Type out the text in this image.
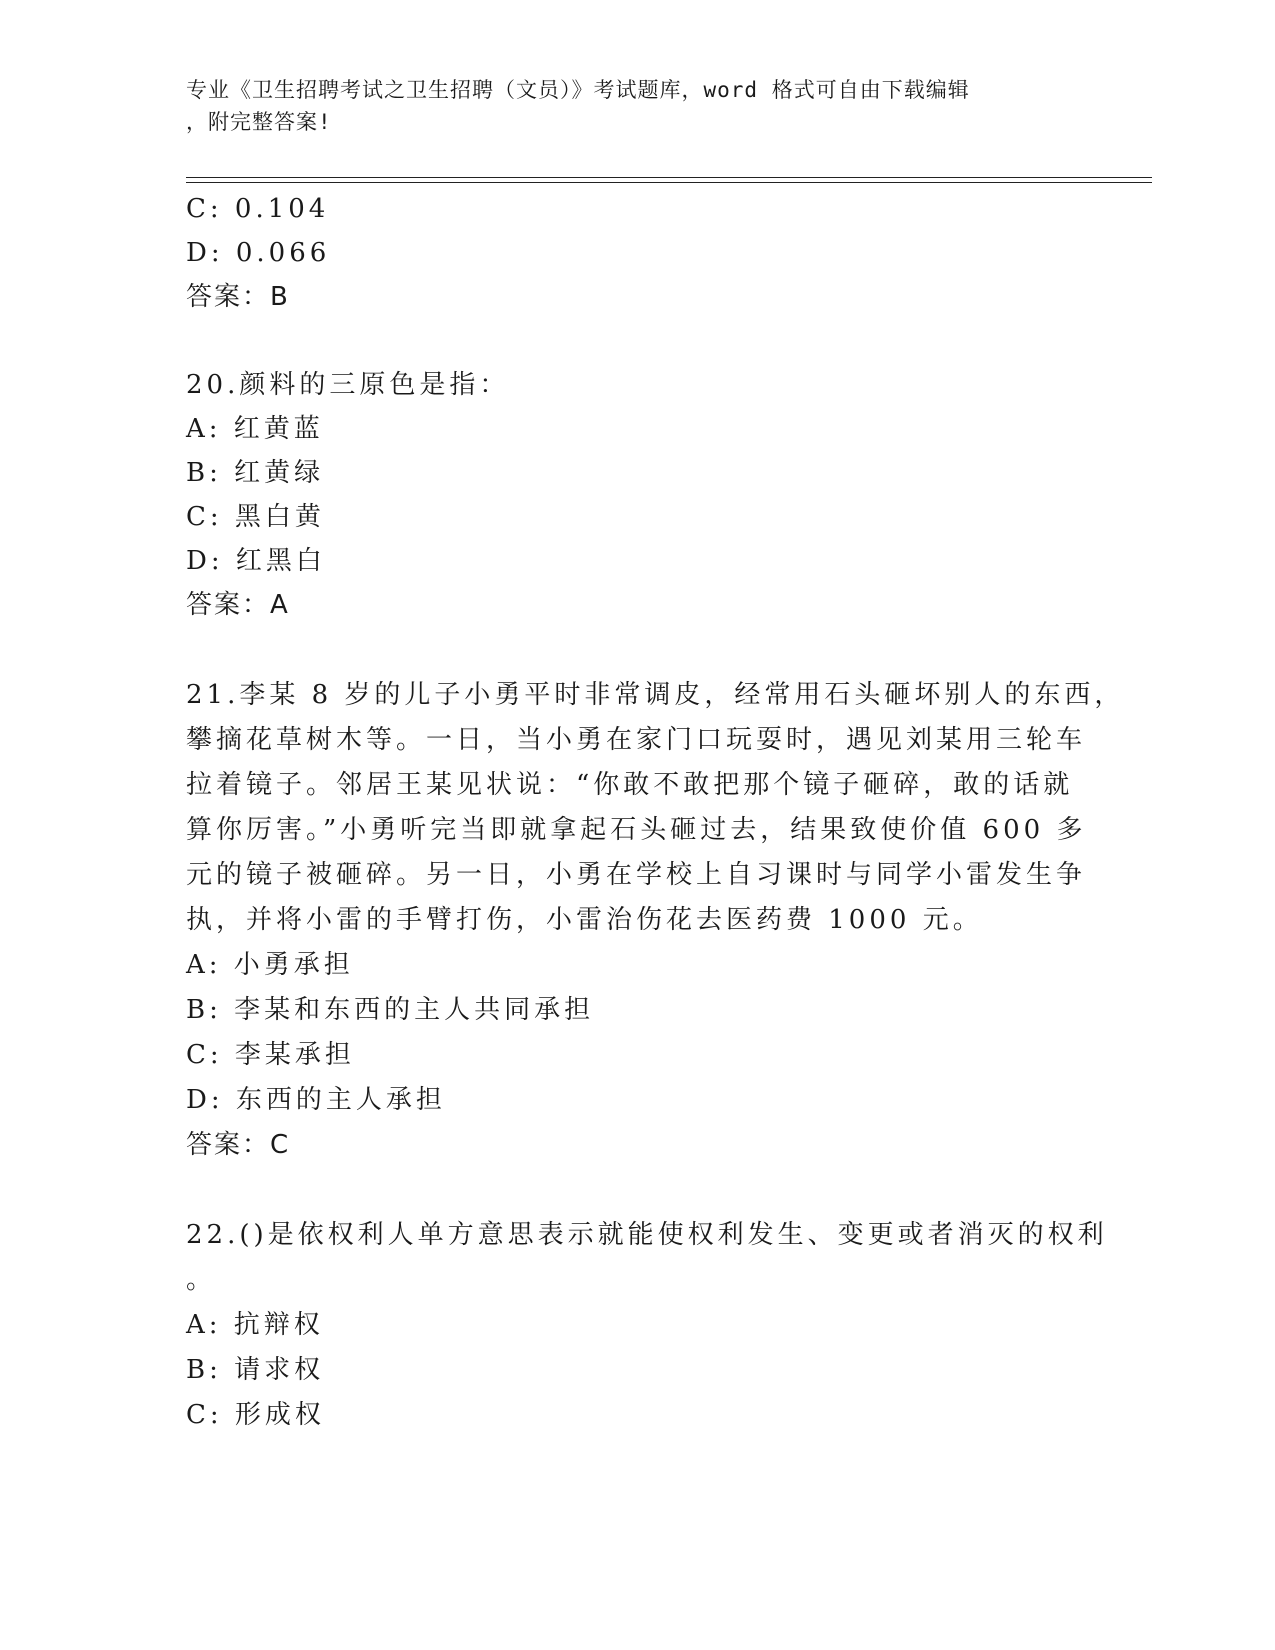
专业《卫生招聘考试之卫生招聘（文员）》考试题库，word 格式可自由下载编辑
，附完整答案!
C: 0.104
D: 0.066
答案：B
20.颜料的三原色是指：
A: 红黄蓝
B: 红黄绿
C: 黑白黄
D: 红黑白
答案：A
21.李某 8 岁的儿子小勇平时非常调皮，经常用石头砸坏别人的东西，
攀摘花草树木等。一日，当小勇在家门口玩耍时，遇见刘某用三轮车
拉着镜子。邻居王某见状说：“你敢不敢把那个镜子砸碎，敢的话就
算你厉害。”小勇听完当即就拿起石头砸过去，结果致使价值 600 多
元的镜子被砸碎。另一日，小勇在学校上自习课时与同学小雷发生争
执，并将小雷的手臂打伤，小雷治伤花去医药费 1000 元。
A: 小勇承担
B: 李某和东西的主人共同承担
C: 李某承担
D: 东西的主人承担
答案：C
22.()是依权利人单方意思表示就能使权利发生、变更或者消灭的权利
。
A: 抗辩权
B: 请求权
C: 形成权
